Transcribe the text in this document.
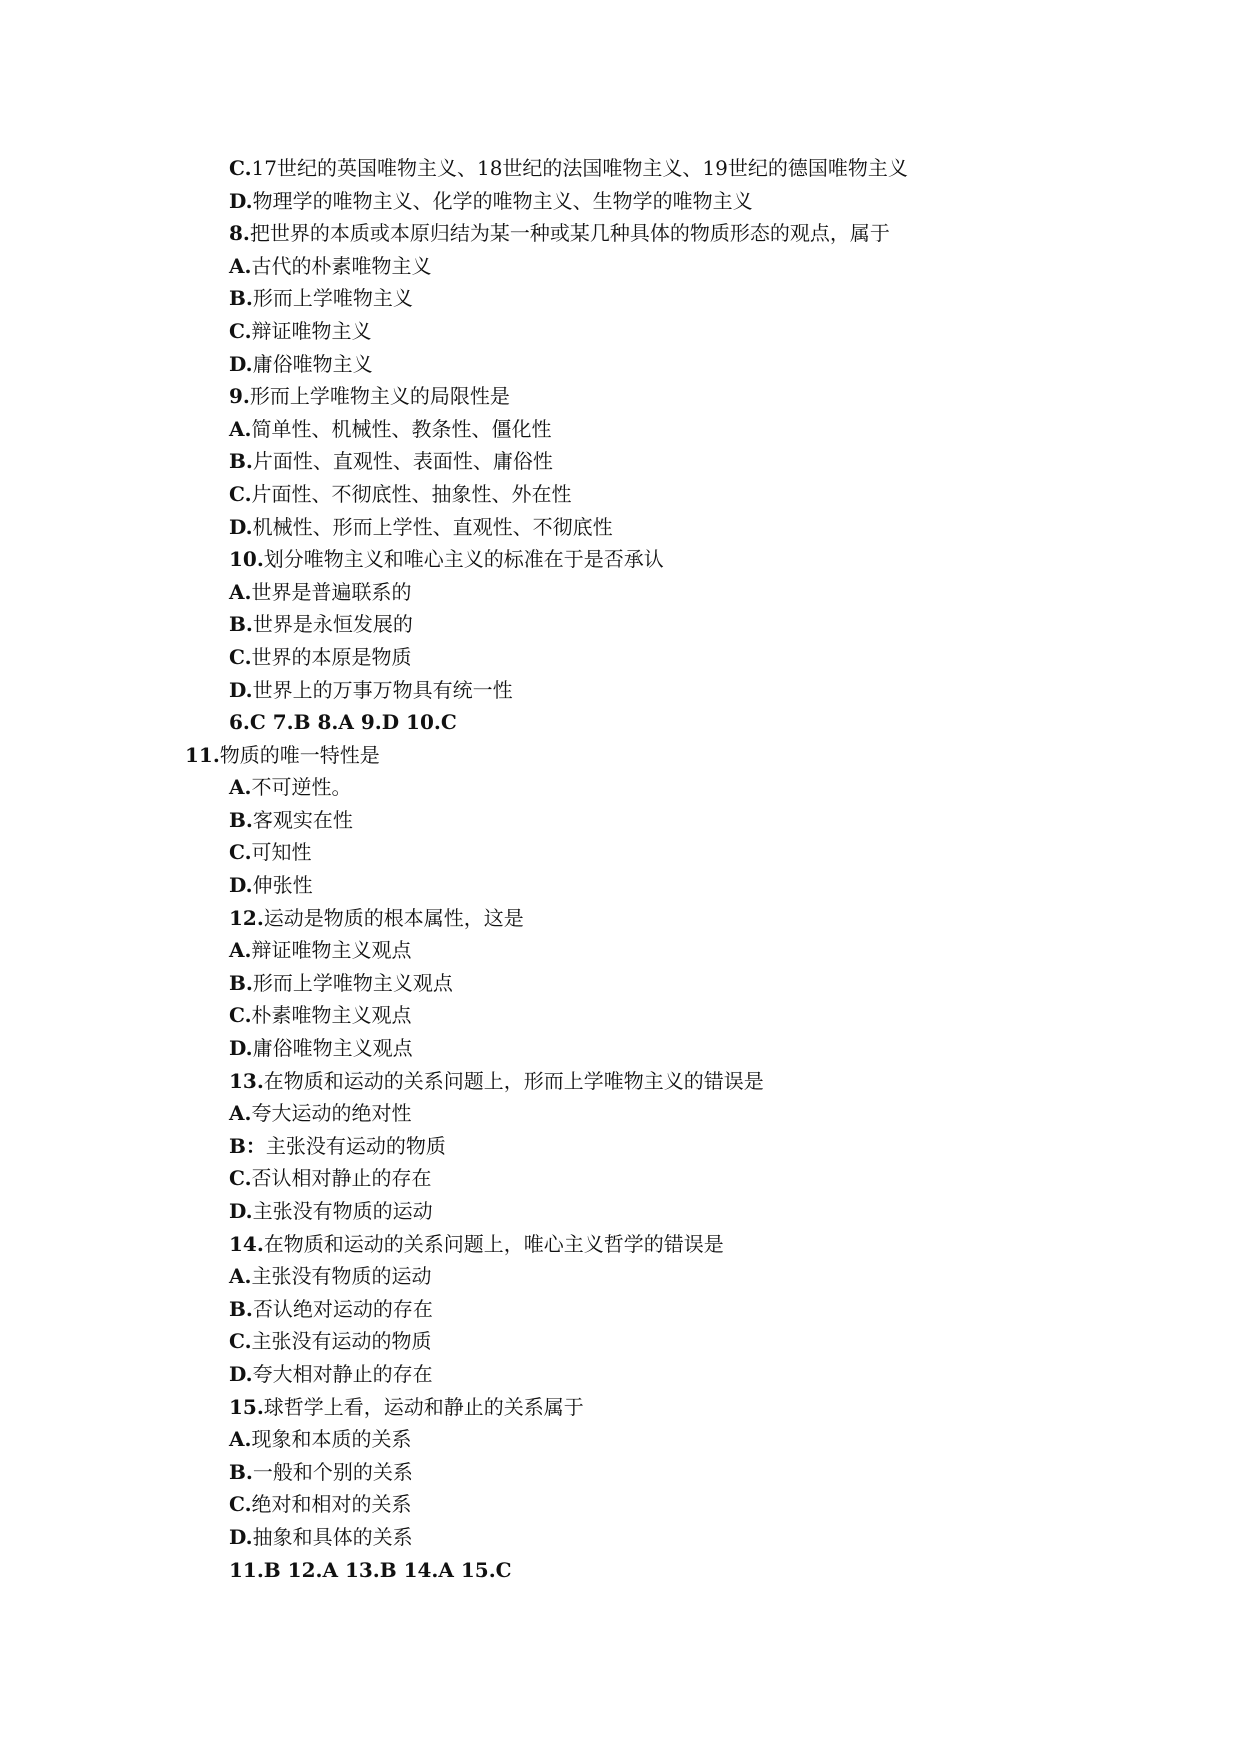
C.17世纪的英国唯物主义、18世纪的法国唯物主义、19世纪的德国唯物主义
D.物理学的唯物主义、化学的唯物主义、生物学的唯物主义
8.把世界的本质或本原归结为某一种或某几种具体的物质形态的观点，属于
A.古代的朴素唯物主义
B.形而上学唯物主义
C.辩证唯物主义
D.庸俗唯物主义
9.形而上学唯物主义的局限性是
A.简单性、机械性、教条性、僵化性
B.片面性、直观性、表面性、庸俗性
C.片面性、不彻底性、抽象性、外在性
D.机械性、形而上学性、直观性、不彻底性
10.划分唯物主义和唯心主义的标准在于是否承认
A.世界是普遍联系的
B.世界是永恒发展的
C.世界的本原是物质
D.世界上的万事万物具有统一性
6.C 7.B 8.A 9.D 10.C
11.物质的唯一特性是
A.不可逆性。
B.客观实在性
C.可知性
D.伸张性
12.运动是物质的根本属性，这是
A.辩证唯物主义观点
B.形而上学唯物主义观点
C.朴素唯物主义观点
D.庸俗唯物主义观点
13.在物质和运动的关系问题上，形而上学唯物主义的错误是
A.夸大运动的绝对性
B：主张没有运动的物质
C.否认相对静止的存在
D.主张没有物质的运动
14.在物质和运动的关系问题上，唯心主义哲学的错误是
A.主张没有物质的运动
B.否认绝对运动的存在
C.主张没有运动的物质
D.夸大相对静止的存在
15.球哲学上看，运动和静止的关系属于
A.现象和本质的关系
B.一般和个别的关系
C.绝对和相对的关系
D.抽象和具体的关系
11.B 12.A 13.B 14.A 15.C
